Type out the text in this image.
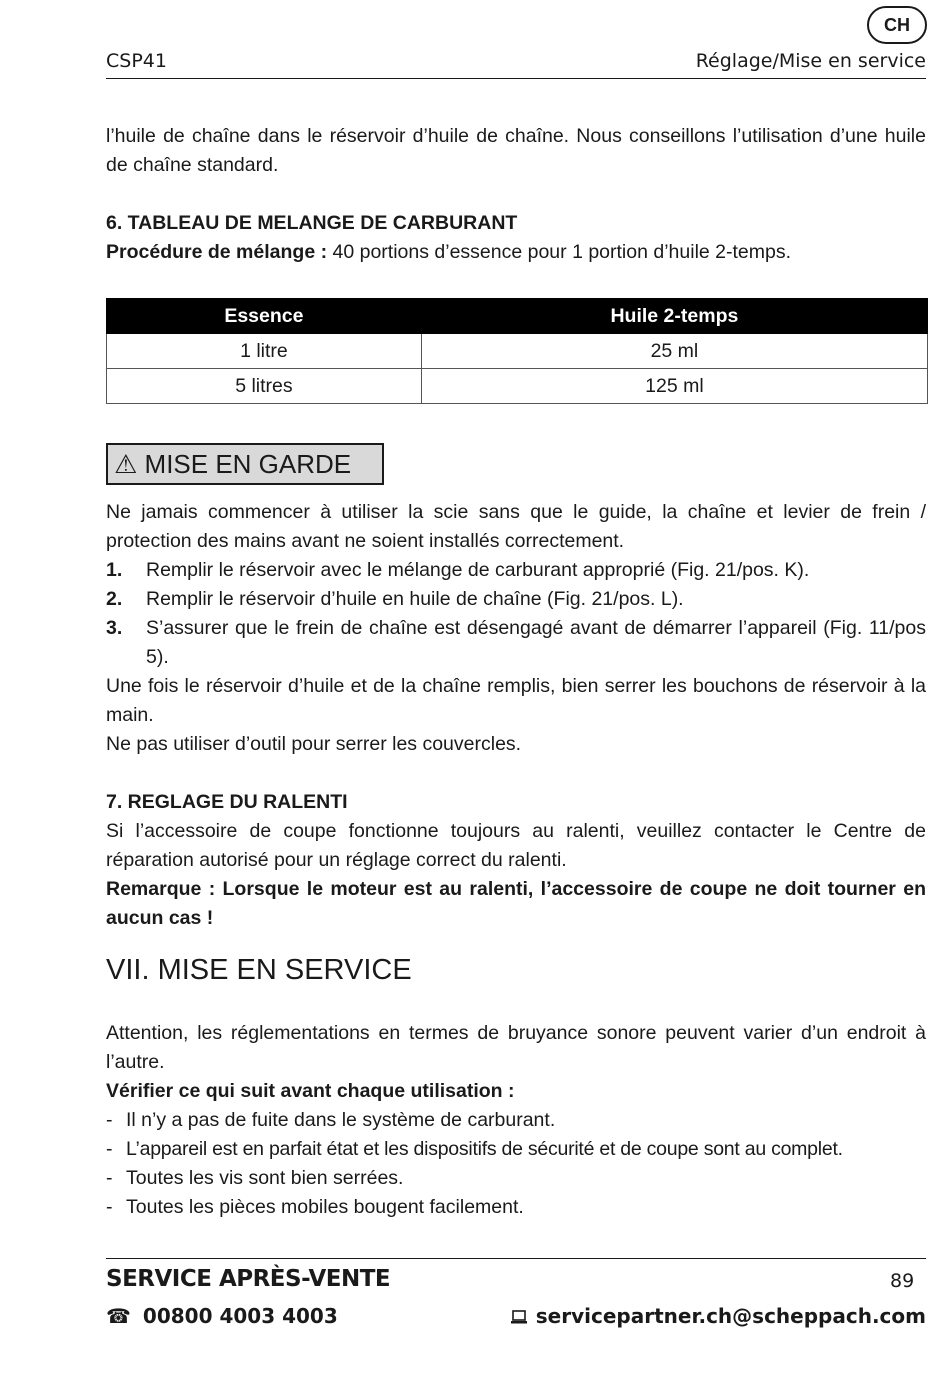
CH
CSP41	Réglage/Mise en service
l’huile de chaîne dans le réservoir d’huile de chaîne. Nous conseillons l’utilisation d’une huile de chaîne standard.
6. TABLEAU DE MELANGE DE CARBURANT
Procédure de mélange : 40 portions d’essence pour 1 portion d’huile 2-temps.
Essence	Huile 2-temps
1 litre	25 ml
5 litres	125 ml
⚠ MISE EN GARDE
Ne jamais commencer à utiliser la scie sans que le guide, la chaîne et levier de frein / protection des mains avant ne soient installés correctement.
1. Remplir le réservoir avec le mélange de carburant approprié (Fig. 21/pos. K).
2. Remplir le réservoir d’huile en huile de chaîne (Fig. 21/pos. L).
3. S’assurer que le frein de chaîne est désengagé avant de démarrer l’appareil (Fig. 11/pos 5).
Une fois le réservoir d’huile et de la chaîne remplis, bien serrer les bouchons de réservoir à la main.
Ne pas utiliser d’outil pour serrer les couvercles.
7. REGLAGE DU RALENTI
Si l’accessoire de coupe fonctionne toujours au ralenti, veuillez contacter le Centre de réparation autorisé pour un réglage correct du ralenti.
Remarque : Lorsque le moteur est au ralenti, l’accessoire de coupe ne doit tourner en aucun cas !
VII. MISE EN SERVICE
Attention, les réglementations en termes de bruyance sonore peuvent varier d’un endroit à l’autre.
Vérifier ce qui suit avant chaque utilisation :
- Il n’y a pas de fuite dans le système de carburant.
- L’appareil est en parfait état et les dispositifs de sécurité et de coupe sont au complet.
- Toutes les vis sont bien serrées.
- Toutes les pièces mobiles bougent facilement.
SERVICE APRÈS-VENTE	89
☎ 00800 4003 4003	servicepartner.ch@scheppach.com
